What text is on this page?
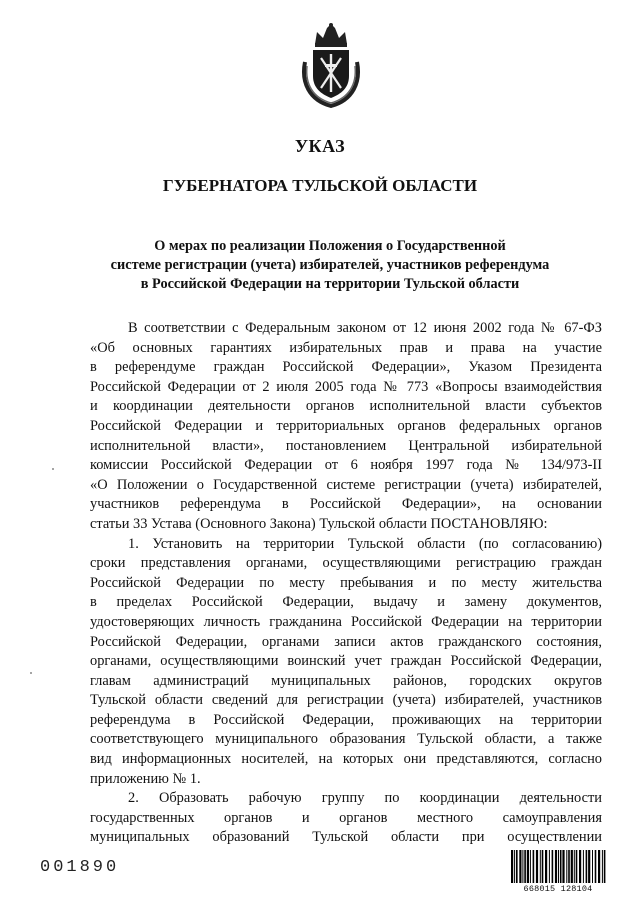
УКАЗ
ГУБЕРНАТОРА ТУЛЬСКОЙ ОБЛАСТИ
О мерах по реализации Положения о Государственной
системе регистрации (учета) избирателей, участников референдума
в Российской Федерации на территории Тульской области
В соответствии с Федеральным законом от 12 июня 2002 года № 67-ФЗ
«Об основных гарантиях избирательных прав и права на участие
в референдуме граждан Российской Федерации», Указом Президента
Российской Федерации от 2 июля 2005 года № 773 «Вопросы взаимодействия
и координации деятельности органов исполнительной власти субъектов
Российской Федерации и территориальных органов федеральных органов
исполнительной власти», постановлением Центральной избирательной
комиссии Российской Федерации от 6 ноября 1997 года № 134/973-II
«О Положении о Государственной системе регистрации (учета) избирателей,
участников референдума в Российской Федерации», на основании
статьи 33 Устава (Основного Закона) Тульской области ПОСТАНОВЛЯЮ:
1. Установить на территории Тульской области (по согласованию)
сроки представления органами, осуществляющими регистрацию граждан
Российской Федерации по месту пребывания и по месту жительства
в пределах Российской Федерации, выдачу и замену документов,
удостоверяющих личность гражданина Российской Федерации на территории
Российской Федерации, органами записи актов гражданского состояния,
органами, осуществляющими воинский учет граждан Российской Федерации,
главам администраций муниципальных районов, городских округов
Тульской области сведений для регистрации (учета) избирателей, участников
референдума в Российской Федерации, проживающих на территории
соответствующего муниципального образования Тульской области, а также
вид информационных носителей, на которых они представляются, согласно
приложению № 1.
2. Образовать рабочую группу по координации деятельности
государственных органов и органов местного самоуправления
муниципальных образований Тульской области при осуществлении
001890
668015 128104
